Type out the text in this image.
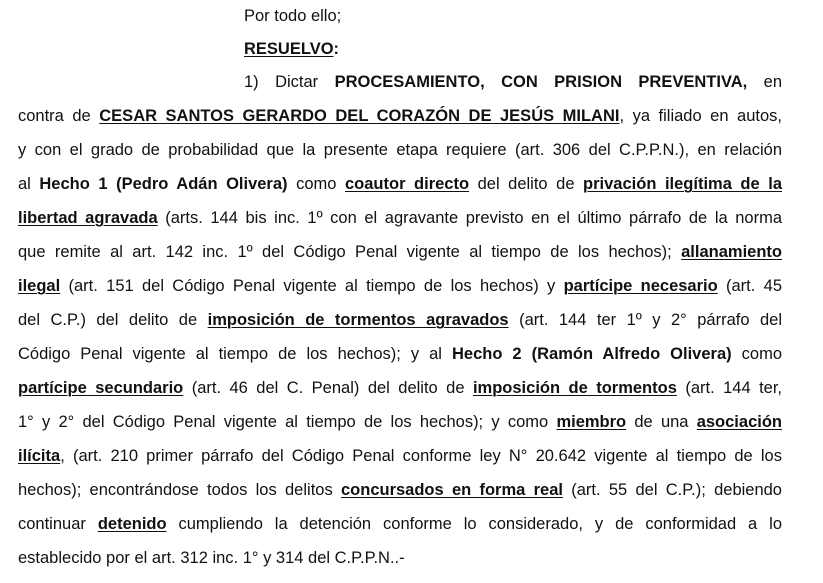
Por todo ello;
RESUELVO:
1) Dictar PROCESAMIENTO, CON PRISION PREVENTIVA, en
contra de CESAR SANTOS GERARDO DEL CORAZÓN DE JESÚS MILANI, ya filiado en autos,
y con el grado de probabilidad que la presente etapa requiere (art. 306 del C.P.P.N.), en relación
al Hecho 1 (Pedro Adán Olivera) como coautor directo del delito de privación ilegítima de la
libertad agravada (arts. 144 bis inc. 1º con el agravante previsto en el último párrafo de la norma
que remite al art. 142 inc. 1º del Código Penal vigente al tiempo de los hechos); allanamiento
ilegal (art. 151 del Código Penal vigente al tiempo de los hechos) y partícipe necesario (art. 45
del C.P.) del delito de imposición de tormentos agravados (art. 144 ter 1º y 2° párrafo del
Código Penal vigente al tiempo de los hechos); y al Hecho 2 (Ramón Alfredo Olivera) como
partícipe secundario (art. 46 del C. Penal) del delito de imposición de tormentos (art. 144 ter,
1° y 2° del Código Penal vigente al tiempo de los hechos); y como miembro de una asociación
ilícita, (art. 210 primer párrafo del Código Penal conforme ley N° 20.642 vigente al tiempo de los
hechos); encontrándose todos los delitos concursados en forma real (art. 55 del C.P.); debiendo
continuar detenido cumpliendo la detención conforme lo considerado, y de conformidad a lo
establecido por el art. 312 inc. 1° y 314 del C.P.P.N..-
